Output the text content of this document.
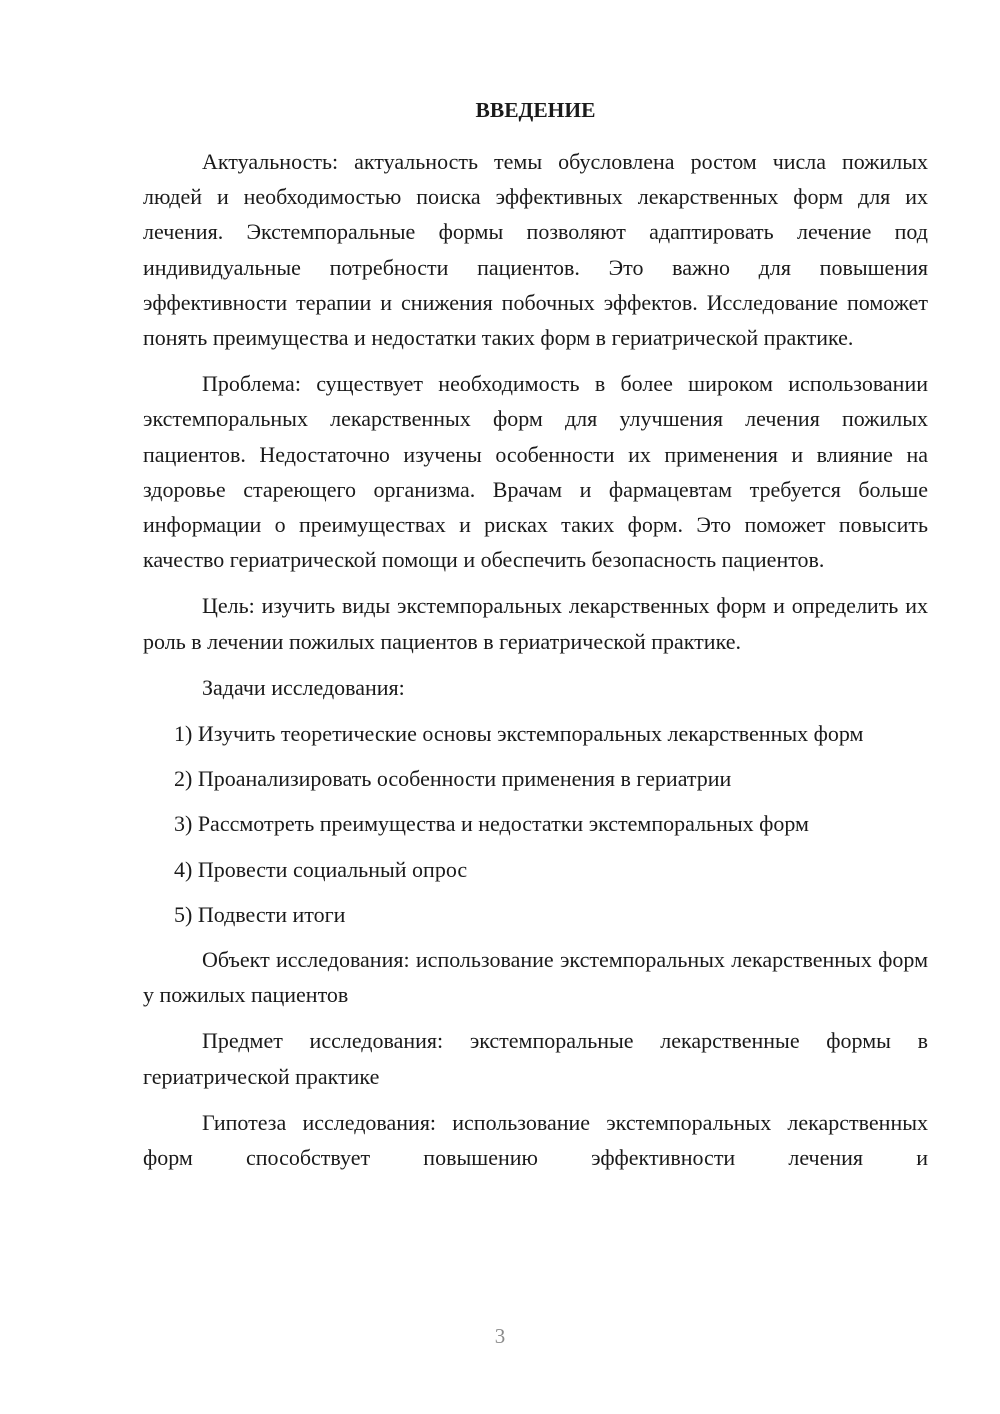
ВВЕДЕНИЕ

Актуальность: актуальность темы обусловлена ростом числа пожилых людей и необходимостью поиска эффективных лекарственных форм для их лечения. Экстемпоральные формы позволяют адаптировать лечение под индивидуальные потребности пациентов. Это важно для повышения эффективности терапии и снижения побочных эффектов. Исследование поможет понять преимущества и недостатки таких форм в гериатрической практике.

Проблема: существует необходимость в более широком использовании экстемпоральных лекарственных форм для улучшения лечения пожилых пациентов. Недостаточно изучены особенности их применения и влияние на здоровье стареющего организма. Врачам и фармацевтам требуется больше информации о преимуществах и рисках таких форм. Это поможет повысить качество гериатрической помощи и обеспечить безопасность пациентов.

Цель: изучить виды экстемпоральных лекарственных форм и определить их роль в лечении пожилых пациентов в гериатрической практике.

Задачи исследования:

1) Изучить теоретические основы экстемпоральных лекарственных форм

2) Проанализировать особенности применения в гериатрии

3) Рассмотреть преимущества и недостатки экстемпоральных форм

4) Провести социальный опрос

5) Подвести итоги

Объект исследования: использование экстемпоральных лекарственных форм у пожилых пациентов

Предмет исследования: экстемпоральные лекарственные формы в гериатрической практике

Гипотеза исследования: использование экстемпоральных лекарственных форм способствует повышению эффективности лечения и

3
